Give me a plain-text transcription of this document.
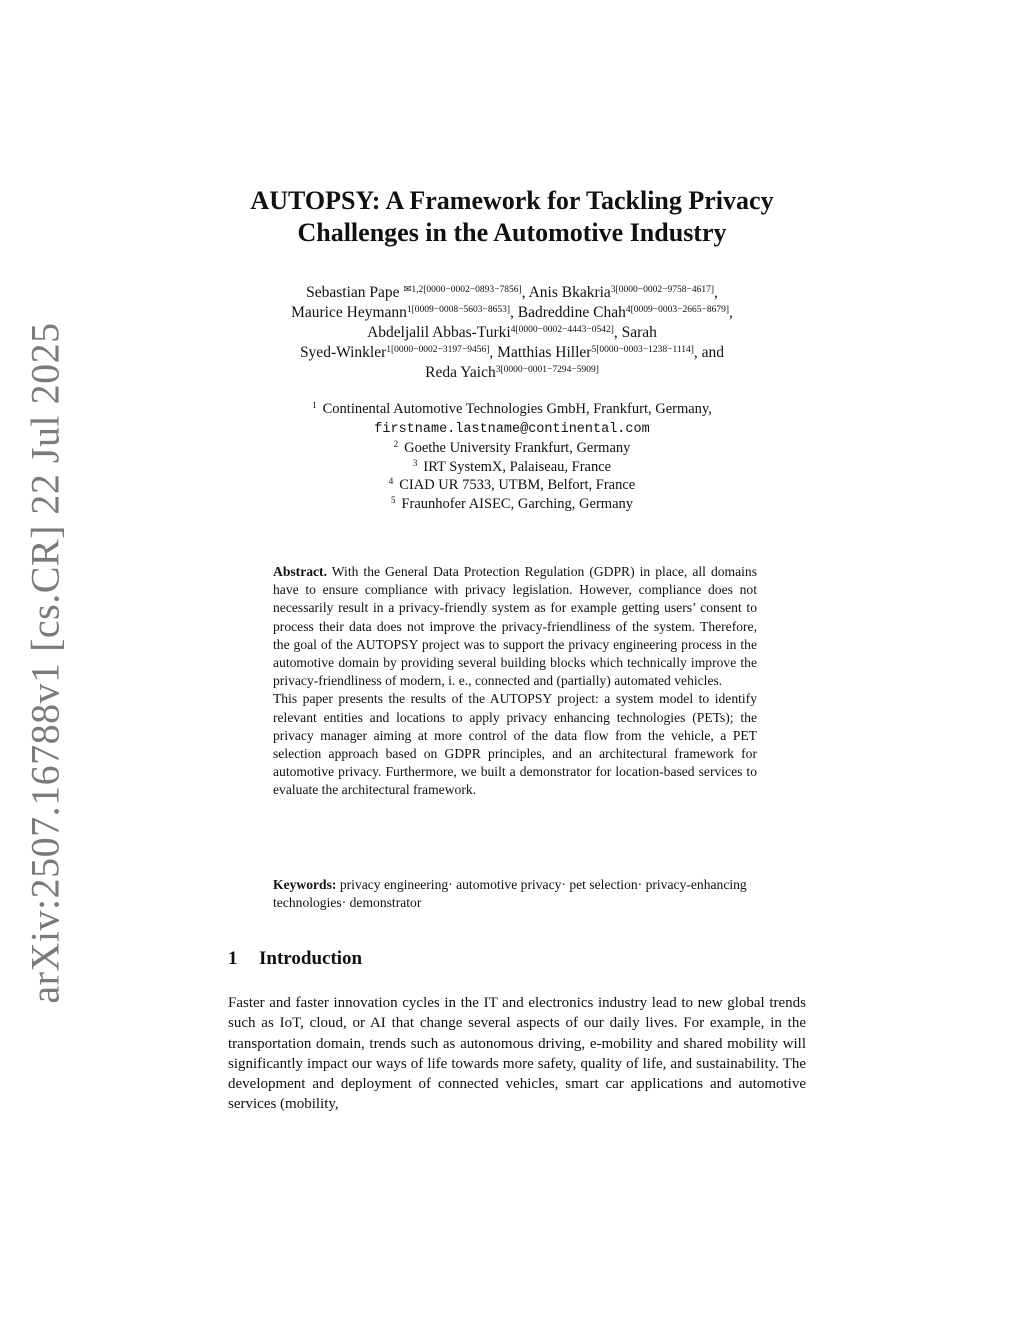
arXiv:2507.16788v1 [cs.CR] 22 Jul 2025
AUTOPSY: A Framework for Tackling Privacy
Challenges in the Automotive Industry
Sebastian Pape $^{✉1,2[0000-0002-0893-7856]}$, Anis Bkakria$^{3[0000-0002-9758-4617]}$,
Maurice Heymann$^{1[0009-0008-5603-8653]}$, Badreddine Chah$^{4[0009-0003-2665-8679]}$,
Abdeljalil Abbas-Turki$^{4[0000-0002-4443-0542]}$, Sarah
Syed-Winkler$^{1[0000-0002-3197-9456]}$, Matthias Hiller$^{5[0000-0003-1238-1114]}$, and
Reda Yaich$^{3[0000-0001-7294-5909]}$
$^1$ Continental Automotive Technologies GmbH, Frankfurt, Germany,
firstname.lastname@continental.com
$^2$ Goethe University Frankfurt, Germany
$^3$ IRT SystemX, Palaiseau, France
$^4$ CIAD UR 7533, UTBM, Belfort, France
$^5$ Fraunhofer AISEC, Garching, Germany

Abstract. With the General Data Protection Regulation (GDPR) in place, all domains have to ensure compliance with privacy legislation. However, compliance does not necessarily result in a privacy-friendly system as for example getting users’ consent to process their data does not improve the privacy-friendliness of the system. Therefore, the goal of the AUTOPSY project was to support the privacy engineering process in the automotive domain by providing several building blocks which technically improve the privacy-friendliness of modern, i. e., connected and (partially) automated vehicles.

This paper presents the results of the AUTOPSY project: a system model to identify relevant entities and locations to apply privacy enhancing technologies (PETs); the privacy manager aiming at more control of the data flow from the vehicle, a PET selection approach based on GDPR principles, and an architectural framework for automotive privacy. Furthermore, we built a demonstrator for location-based services to evaluate the architectural framework.

Keywords: privacy engineering· automotive privacy· pet selection· privacy-enhancing technologies· demonstrator
1 Introduction

Faster and faster innovation cycles in the IT and electronics industry lead to new global trends such as IoT, cloud, or AI that change several aspects of our daily lives. For example, in the transportation domain, trends such as autonomous driving, e-mobility and shared mobility will significantly impact our ways of life towards more safety, quality of life, and sustainability. The development and deployment of connected vehicles, smart car applications and automotive services (mobility,
